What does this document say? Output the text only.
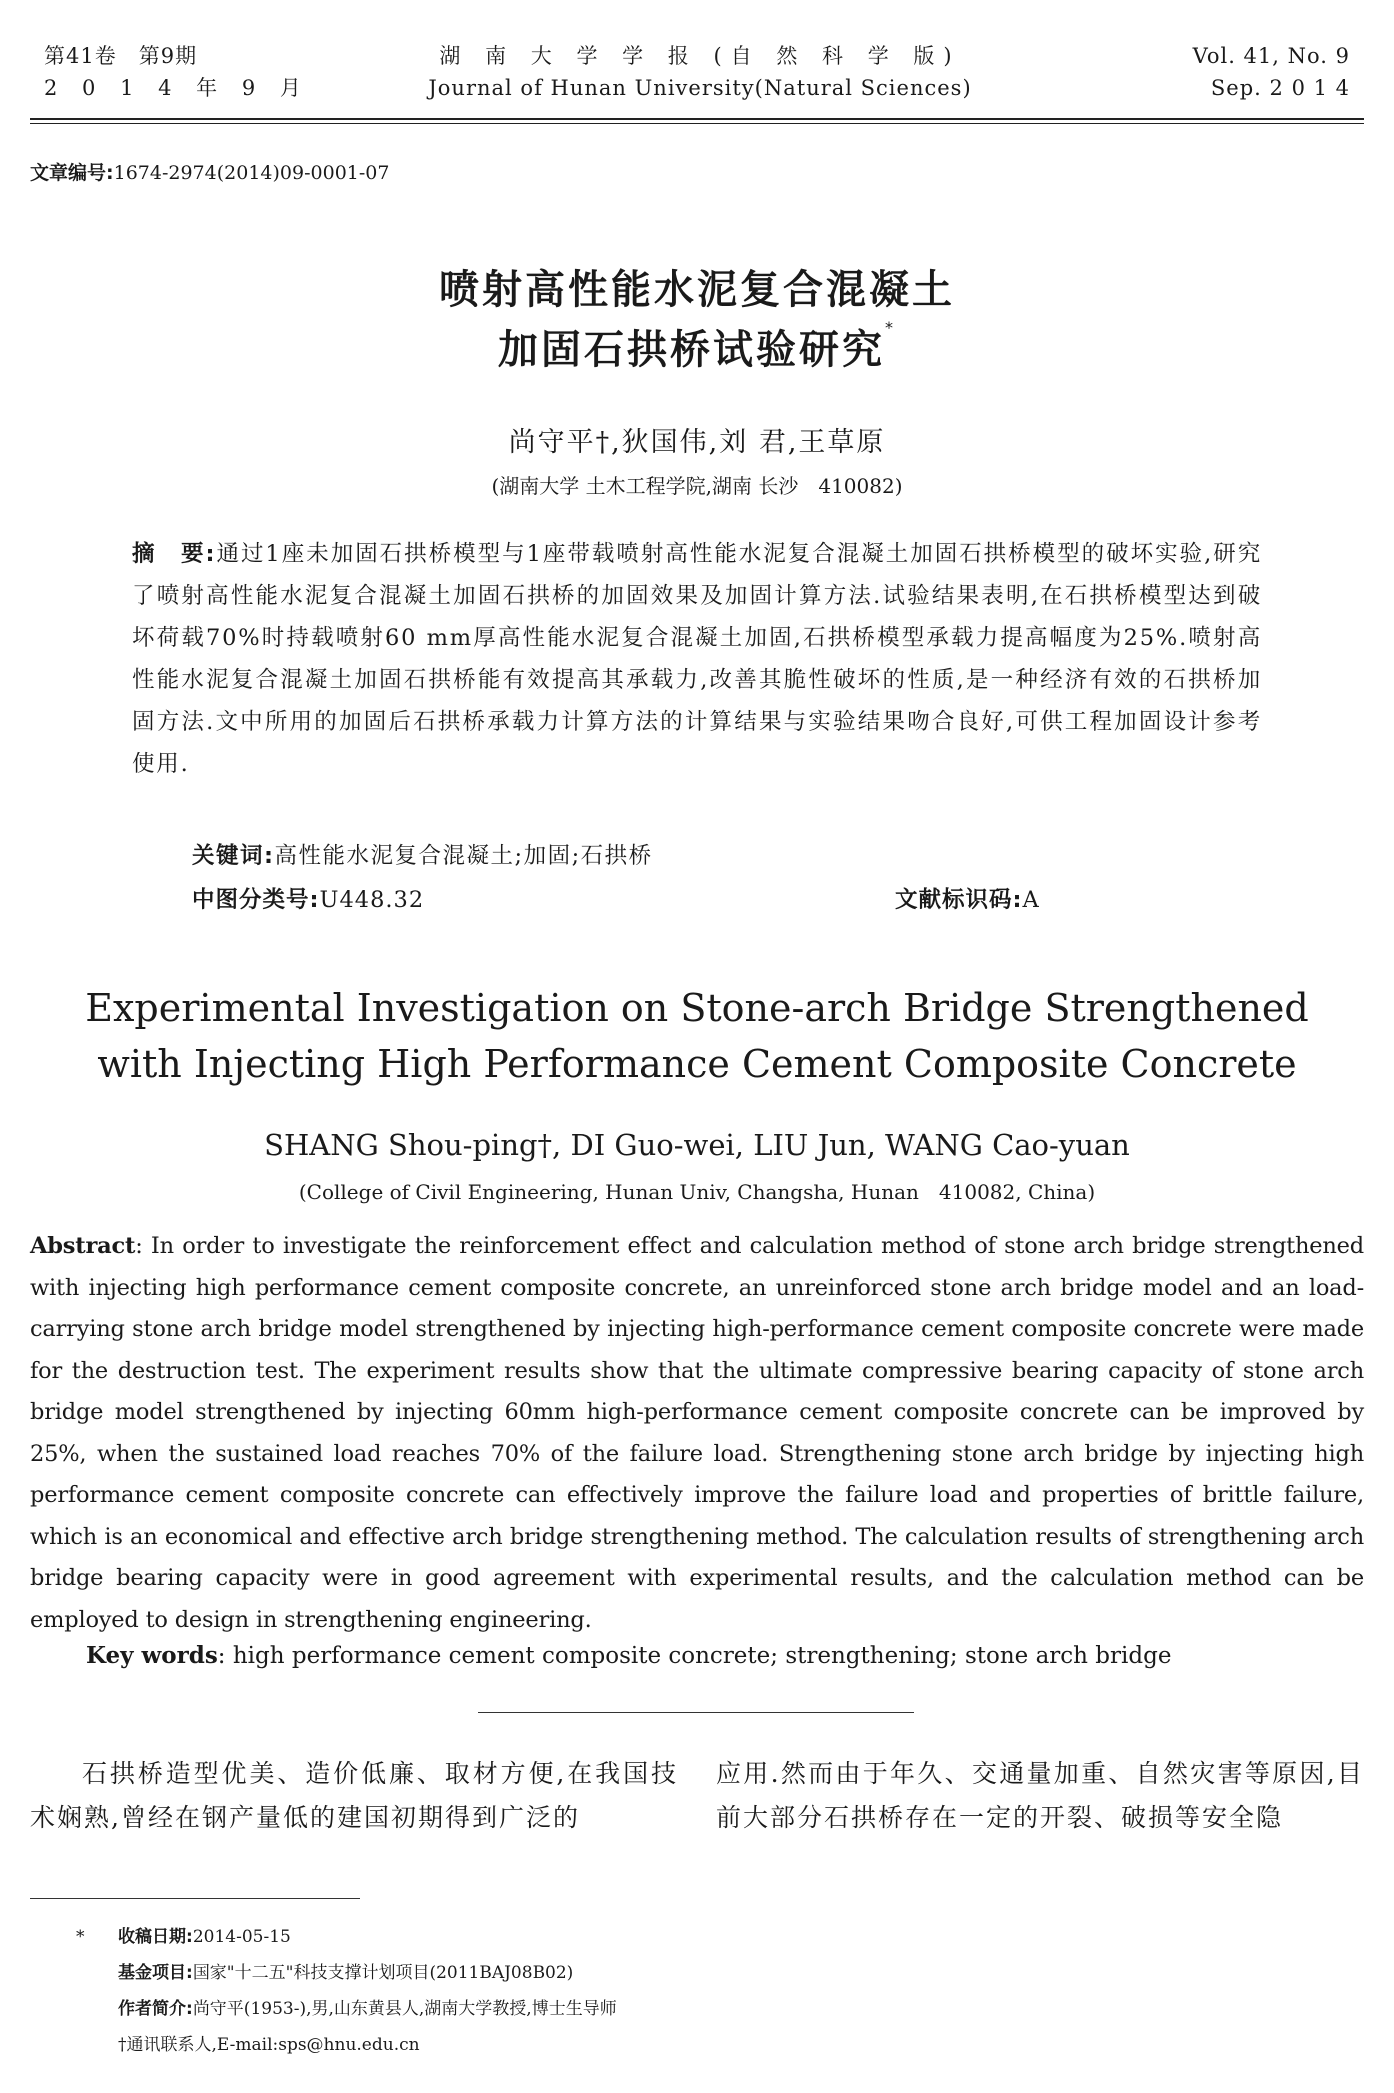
第41卷　第9期
2 0 1 4 年 9 月
湖 南 大 学 学 报 (自 然 科 学 版)
Journal of Hunan University(Natural Sciences)
Vol. 41, No. 9
Sep. 2 0 1 4
文章编号:1674-2974(2014)09-0001-07
喷射高性能水泥复合混凝土
加固石拱桥试验研究*
尚守平†,狄国伟,刘 君,王草原
(湖南大学 土木工程学院,湖南 长沙　410082)
摘　要:通过1座未加固石拱桥模型与1座带载喷射高性能水泥复合混凝土加固石拱桥模型的破坏实验,研究了喷射高性能水泥复合混凝土加固石拱桥的加固效果及加固计算方法.试验结果表明,在石拱桥模型达到破坏荷载70%时持载喷射60 mm厚高性能水泥复合混凝土加固,石拱桥模型承载力提高幅度为25%.喷射高性能水泥复合混凝土加固石拱桥能有效提高其承载力,改善其脆性破坏的性质,是一种经济有效的石拱桥加固方法.文中所用的加固后石拱桥承载力计算方法的计算结果与实验结果吻合良好,可供工程加固设计参考使用.
关键词:高性能水泥复合混凝土;加固;石拱桥
中图分类号:U448.32	文献标识码:A
Experimental Investigation on Stone-arch Bridge Strengthened
with Injecting High Performance Cement Composite Concrete
SHANG Shou-ping†, DI Guo-wei, LIU Jun, WANG Cao-yuan
(College of Civil Engineering, Hunan Univ, Changsha, Hunan　410082, China)
Abstract: In order to investigate the reinforcement effect and calculation method of stone arch bridge strengthened with injecting high performance cement composite concrete, an unreinforced stone arch bridge model and an load-carrying stone arch bridge model strengthened by injecting high-performance cement composite concrete were made for the destruction test. The experiment results show that the ultimate compressive bearing capacity of stone arch bridge model strengthened by injecting 60mm high-performance cement composite concrete can be improved by 25%, when the sustained load reaches 70% of the failure load. Strengthening stone arch bridge by injecting high performance cement composite concrete can effectively improve the failure load and properties of brittle failure, which is an economical and effective arch bridge strengthening method. The calculation results of strengthening arch bridge bearing capacity were in good agreement with experimental results, and the calculation method can be employed to design in strengthening engineering.
Key words: high performance cement composite concrete; strengthening; stone arch bridge
石拱桥造型优美、造价低廉、取材方便,在我国技术娴熟,曾经在钢产量低的建国初期得到广泛的
应用.然而由于年久、交通量加重、自然灾害等原因,目前大部分石拱桥存在一定的开裂、破损等安全隐
* 收稿日期:2014-05-15
基金项目:国家"十二五"科技支撑计划项目(2011BAJ08B02)
作者简介:尚守平(1953-),男,山东黄县人,湖南大学教授,博士生导师
†通讯联系人,E-mail:sps@hnu.edu.cn
